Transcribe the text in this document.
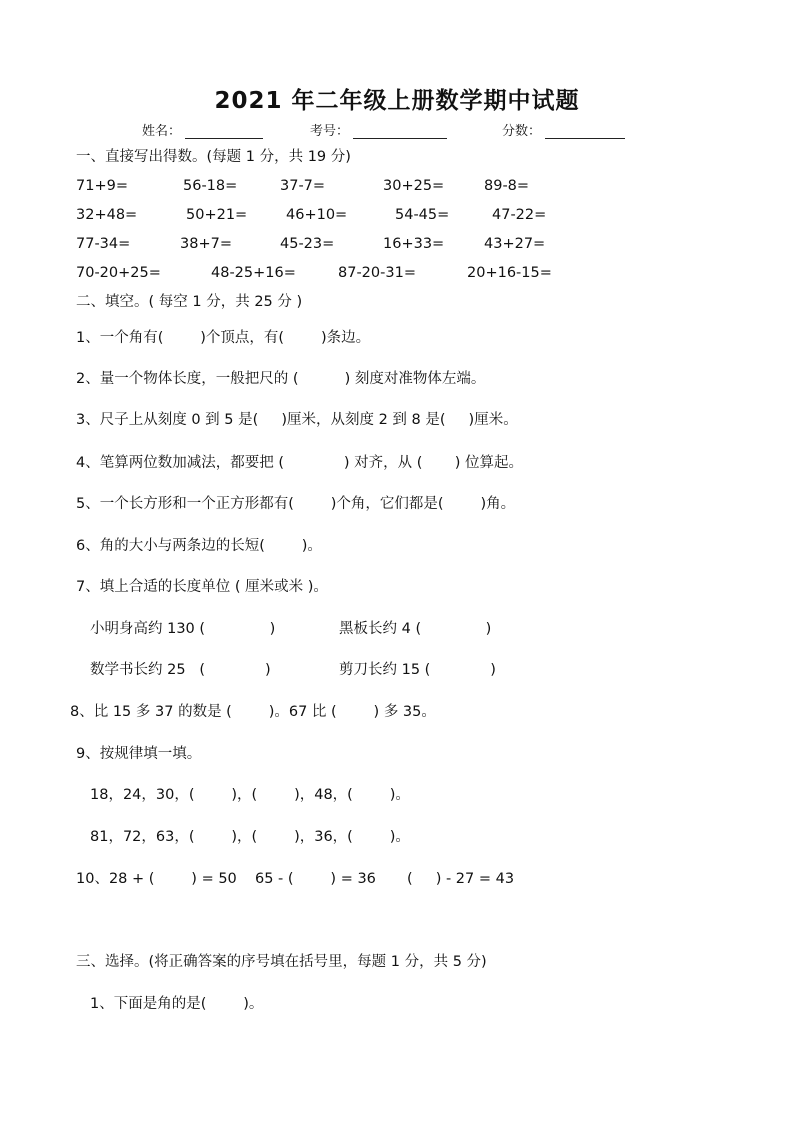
2021 年二年级上册数学期中试题
姓名：	考号：	分数：
一、直接写出得数。(每题 1 分，共 19 分)
71+9=	56-18=	37-7=	30+25=	89-8=
32+48=	50+21=	46+10=	54-45=	47-22=
77-34=	38+7=	45-23=	16+33=	43+27=
70-20+25=	48-25+16=	87-20-31=	20+16-15=
二、填空。( 每空 1 分，共 25 分 )
1、一个角有(        )个顶点，有(        )条边。
2、量一个物体长度，一般把尺的 (          ) 刻度对准物体左端。
3、尺子上从刻度 0 到 5 是(     )厘米，从刻度 2 到 8 是(     )厘米。
4、笔算两位数加减法，都要把 (             ) 对齐，从 (       ) 位算起。
5、一个长方形和一个正方形都有(        )个角，它们都是(        )角。
6、角的大小与两条边的长短(        )。
7、填上合适的长度单位 ( 厘米或米 )。
小明身高约 130 (              )	黑板长约 4 (              )
数学书长约 25   (             )	剪刀长约 15 (             )
8、比 15 多 37 的数是 (        )。67 比 (        ) 多 35。
9、按规律填一填。
18，24，30，(        )，(        )，48，(        )。
81，72，63，(        )，(        )，36，(        )。
10、28 + (        ) = 50 65 - (        ) = 36 (     ) - 27 = 43
三、选择。(将正确答案的序号填在括号里，每题 1 分，共 5 分)
1、下面是角的是(        )。
